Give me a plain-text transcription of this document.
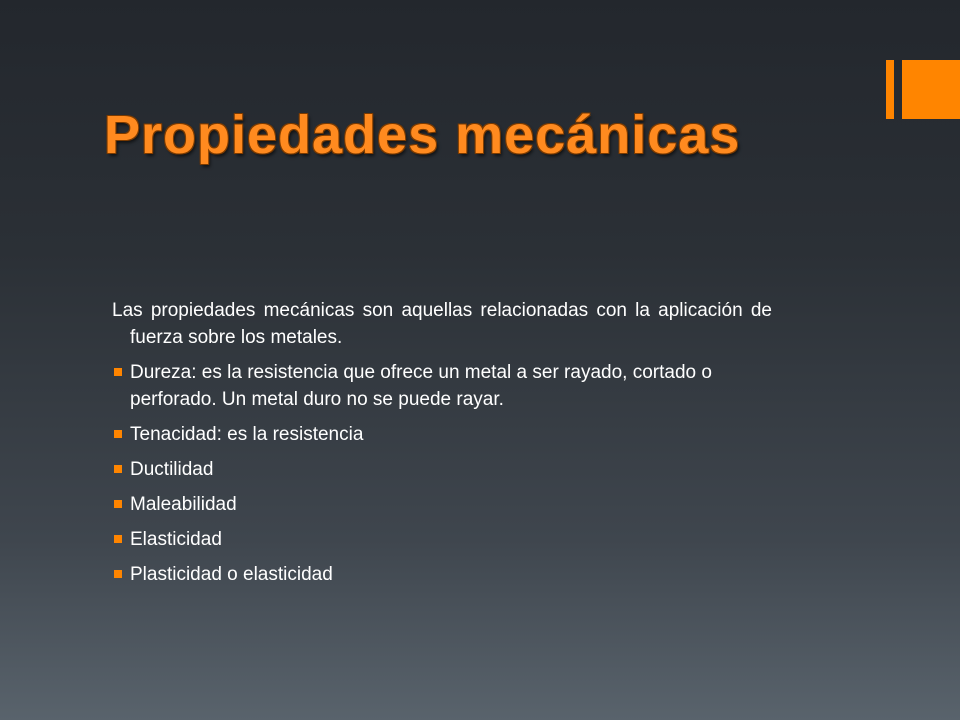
Propiedades mecánicas

Las propiedades mecánicas son aquellas relacionadas con la aplicación de fuerza sobre los metales.

Dureza: es la resistencia que ofrece un metal a ser rayado, cortado o perforado. Un metal duro no se puede rayar.
Tenacidad: es la resistencia
Ductilidad
Maleabilidad
Elasticidad
Plasticidad o elasticidad
